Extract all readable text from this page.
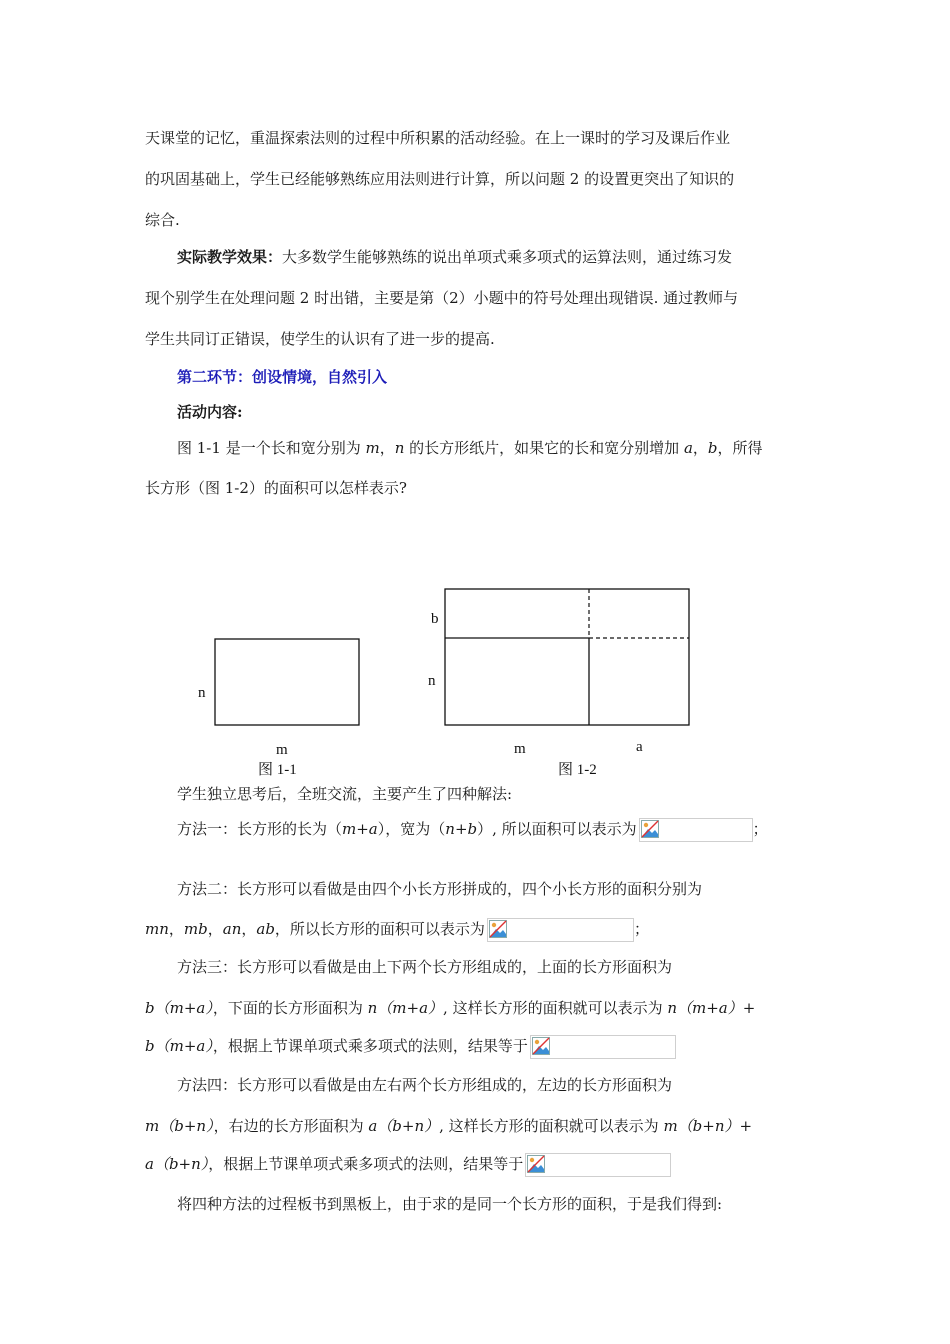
天课堂的记忆，重温探索法则的过程中所积累的活动经验。在上一课时的学习及课后作业
的巩固基础上，学生已经能够熟练应用法则进行计算，所以问题 2 的设置更突出了知识的
综合.
实际教学效果：大多数学生能够熟练的说出单项式乘多项式的运算法则，通过练习发
现个别学生在处理问题 2 时出错，主要是第（2）小题中的符号处理出现错误. 通过教师与
学生共同订正错误，使学生的认识有了进一步的提高.
第二环节：创设情境，自然引入
活动内容:
图 1-1 是一个长和宽分别为 m，n 的长方形纸片，如果它的长和宽分别增加 a，b，所得
长方形（图 1-2）的面积可以怎样表示?
n
m
图 1-1
b
n
m	a
图 1-2
学生独立思考后，全班交流，主要产生了四种解法:
方法一：长方形的长为（m+a），宽为（n+b）, 所以面积可以表示为	；
方法二：长方形可以看做是由四个小长方形拼成的，四个小长方形的面积分别为
mn，mb，an，ab，所以长方形的面积可以表示为	；
方法三：长方形可以看做是由上下两个长方形组成的，上面的长方形面积为
b（m+a），下面的长方形面积为 n（m+a）, 这样长方形的面积就可以表示为 n（m+a）+
b（m+a），根据上节课单项式乘多项式的法则，结果等于
方法四：长方形可以看做是由左右两个长方形组成的，左边的长方形面积为
m（b+n），右边的长方形面积为 a（b+n）, 这样长方形的面积就可以表示为 m（b+n）+
a（b+n），根据上节课单项式乘多项式的法则，结果等于
将四种方法的过程板书到黑板上，由于求的是同一个长方形的面积，于是我们得到:
